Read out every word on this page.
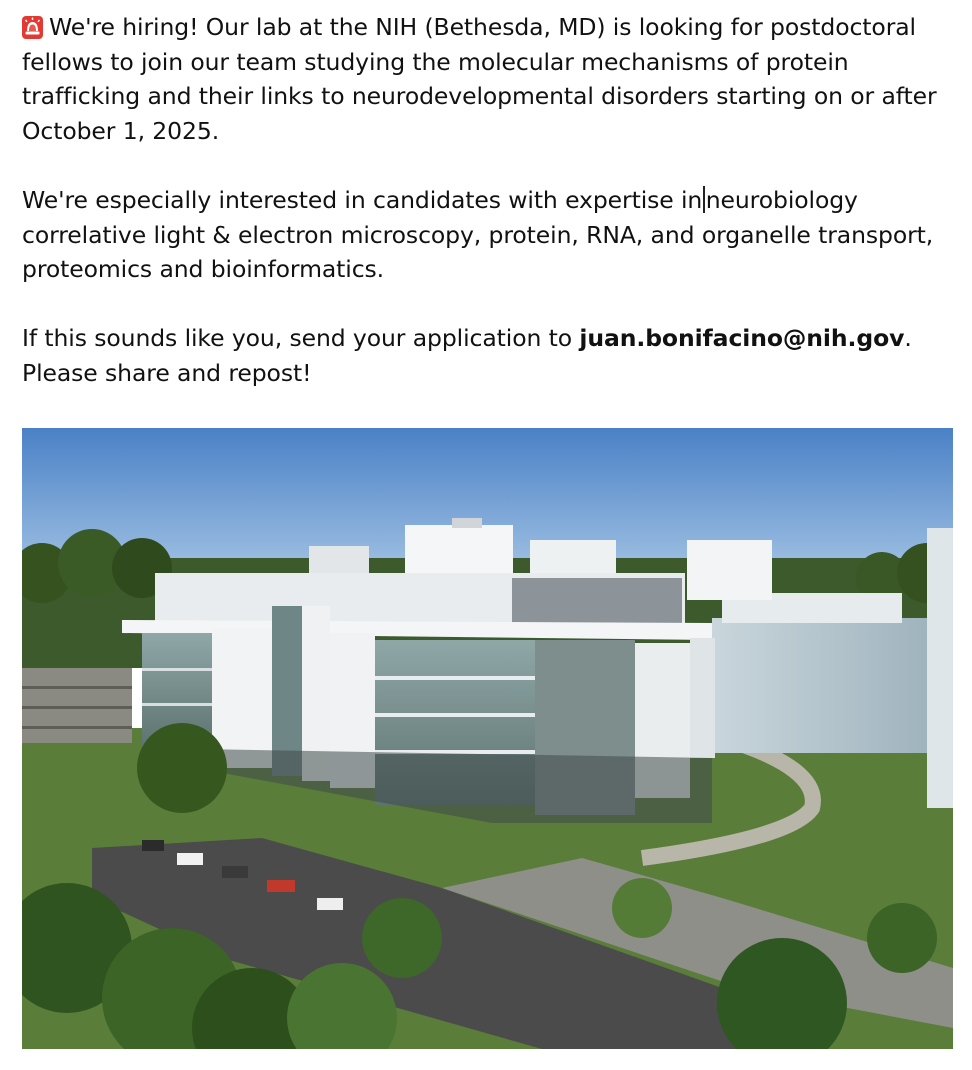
We're hiring! Our lab at the NIH (Bethesda, MD) is looking for postdoctoral fellows to join our team studying the molecular mechanisms of protein trafficking and their links to neurodevelopmental disorders starting on or after October 1, 2025.

We're especially interested in candidates with expertise in neurobiology correlative light & electron microscopy, protein, RNA, and organelle transport, proteomics and bioinformatics.

If this sounds like you, send your application to juan.bonifacino@nih.gov. Please share and repost!
